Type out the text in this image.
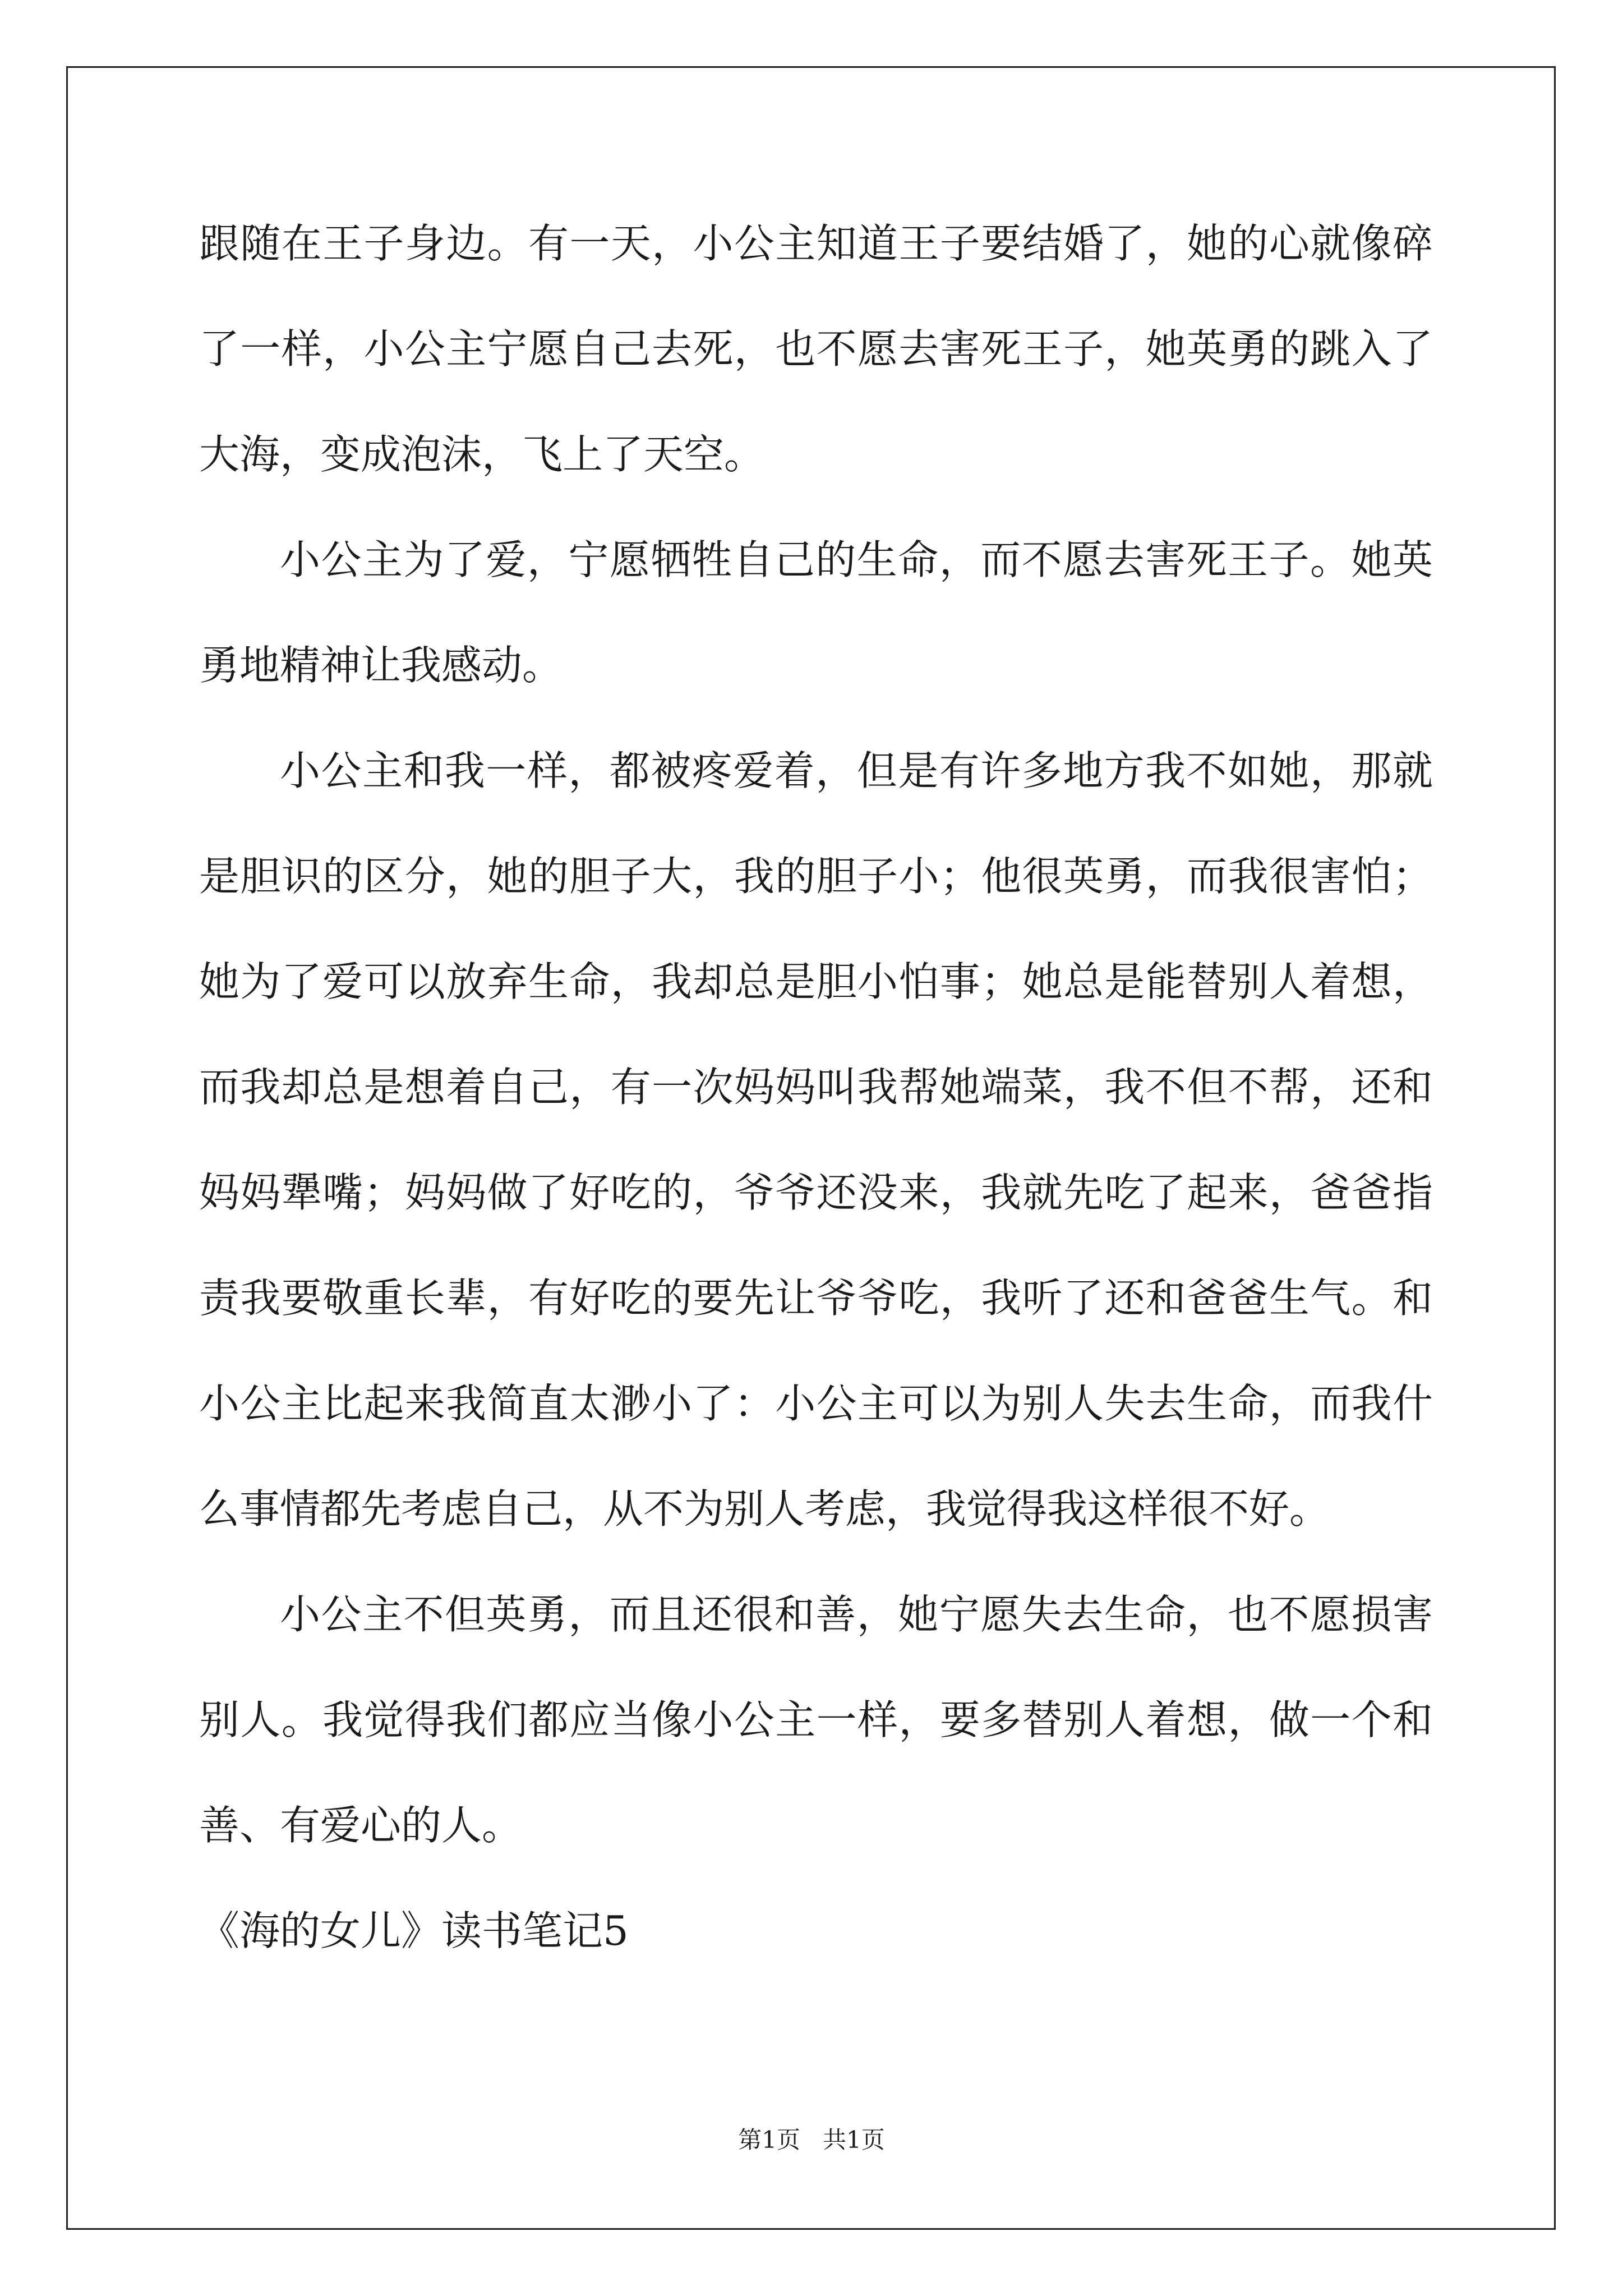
跟随在王子身边。有一天，小公主知道王子要结婚了，她的心就像碎了一样，小公主宁愿自己去死，也不愿去害死王子，她英勇的跳入了大海，变成泡沫，飞上了天空。

小公主为了爱，宁愿牺牲自己的生命，而不愿去害死王子。她英勇地精神让我感动。

小公主和我一样，都被疼爱着，但是有许多地方我不如她，那就是胆识的区分，她的胆子大，我的胆子小；他很英勇，而我很害怕；她为了爱可以放弃生命，我却总是胆小怕事；她总是能替别人着想，而我却总是想着自己，有一次妈妈叫我帮她端菜，我不但不帮，还和妈妈犟嘴；妈妈做了好吃的，爷爷还没来，我就先吃了起来，爸爸指责我要敬重长辈，有好吃的要先让爷爷吃，我听了还和爸爸生气。和小公主比起来我简直太渺小了：小公主可以为别人失去生命，而我什么事情都先考虑自己，从不为别人考虑，我觉得我这样很不好。

小公主不但英勇，而且还很和善，她宁愿失去生命，也不愿损害别人。我觉得我们都应当像小公主一样，要多替别人着想，做一个和善、有爱心的人。

《海的女儿》读书笔记5

第1页   共1页
